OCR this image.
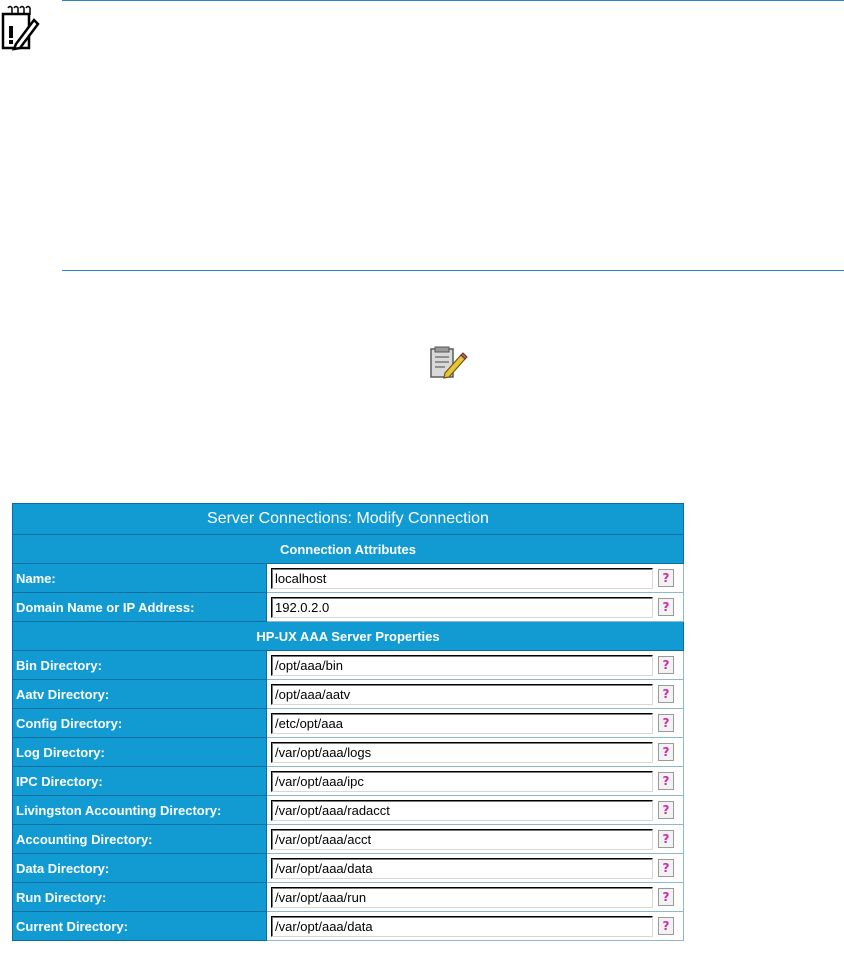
Server Connections: Modify Connection	
Connection Attributes	
Name:	
localhost?

Domain Name or IP Address:	
192.0.2.0?

HP-UX AAA Server Properties	
Bin Directory:	
/opt/aaa/bin?

Aatv Directory:	
/opt/aaa/aatv?

Config Directory:	
/etc/opt/aaa?

Log Directory:	
/var/opt/aaa/logs?

IPC Directory:	
/var/opt/aaa/ipc?

Livingston Accounting Directory:	
/var/opt/aaa/radacct?

Accounting Directory:	
/var/opt/aaa/acct?

Data Directory:	
/var/opt/aaa/data?

Run Directory:	
/var/opt/aaa/run?

Current Directory:	
/var/opt/aaa/data?
